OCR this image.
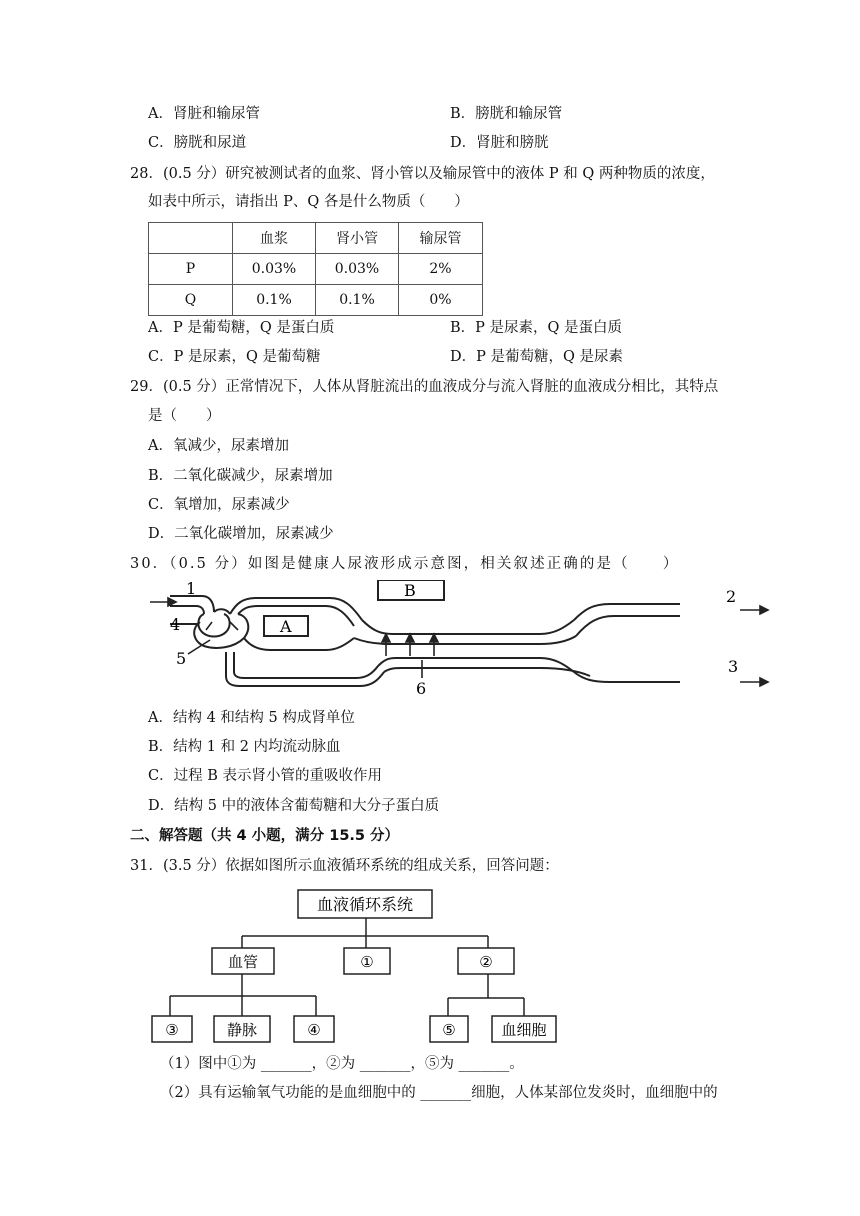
A．肾脏和输尿管	B．膀胱和输尿管
C．膀胱和尿道	D．肾脏和膀胱
28．(0.5 分）研究被测试者的血浆、肾小管以及输尿管中的液体 P 和 Q 两种物质的浓度，
如表中所示，请指出 P、Q 各是什么物质（　　）
	血浆	肾小管	输尿管
P	0.03%	0.03%	2%
Q	0.1%	0.1%	0%
A．P 是葡萄糖，Q 是蛋白质	B．P 是尿素，Q 是蛋白质
C．P 是尿素，Q 是葡萄糖	D．P 是葡萄糖，Q 是尿素
29．(0.5 分）正常情况下，人体从肾脏流出的血液成分与流入肾脏的血液成分相比，其特点
是（　　）
A．氧减少，尿素增加
B．二氧化碳减少，尿素增加
C．氧增加，尿素减少
D．二氧化碳增加，尿素减少
30．（0.5 分）如图是健康人尿液形成示意图，相关叙述正确的是（　　）
1
4
5
A
B
6
2
3
A．结构 4 和结构 5 构成肾单位
B．结构 1 和 2 内均流动脉血
C．过程 B 表示肾小管的重吸收作用
D．结构 5 中的液体含葡萄糖和大分子蛋白质
二、解答题（共 4 小题，满分 15.5 分）
31．(3.5 分）依据如图所示血液循环系统的组成关系，回答问题：
血液循环系统
血管	①	②
③	静脉	④	⑤	血细胞
（1）图中①为 _______，②为 _______，⑤为 _______。
（2）具有运输氧气功能的是血细胞中的 _______细胞，人体某部位发炎时，血细胞中的
